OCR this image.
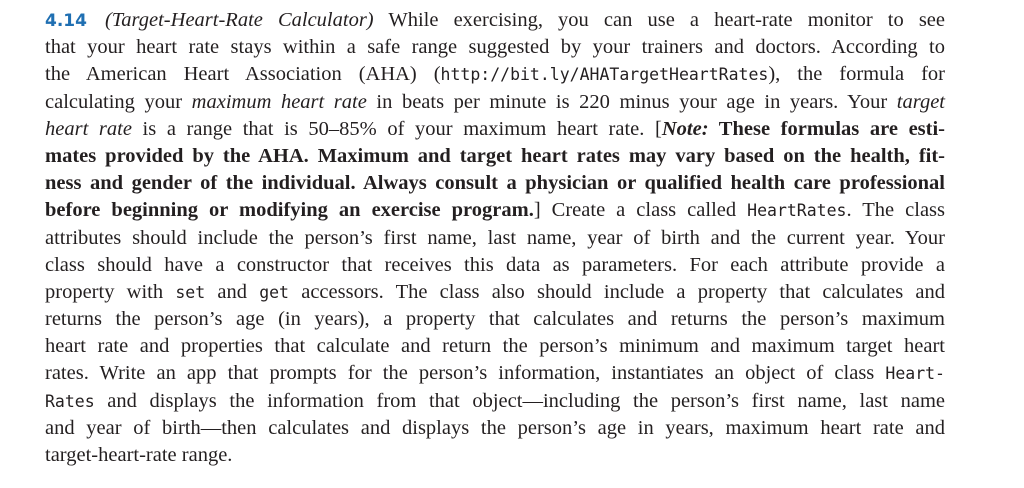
4.14 (Target-Heart-Rate Calculator) While exercising, you can use a heart-rate monitor to see
that your heart rate stays within a safe range suggested by your trainers and doctors. According to
the American Heart Association (AHA) (http://bit.ly/AHATargetHeartRates), the formula for
calculating your maximum heart rate in beats per minute is 220 minus your age in years. Your target
heart rate is a range that is 50–85% of your maximum heart rate. [Note: These formulas are esti-
mates provided by the AHA. Maximum and target heart rates may vary based on the health, fit-
ness and gender of the individual. Always consult a physician or qualified health care professional
before beginning or modifying an exercise program.] Create a class called HeartRates. The class
attributes should include the person’s first name, last name, year of birth and the current year. Your
class should have a constructor that receives this data as parameters. For each attribute provide a
property with set and get accessors. The class also should include a property that calculates and
returns the person’s age (in years), a property that calculates and returns the person’s maximum
heart rate and properties that calculate and return the person’s minimum and maximum target heart
rates. Write an app that prompts for the person’s information, instantiates an object of class Heart-
Rates and displays the information from that object—including the person’s first name, last name
and year of birth—then calculates and displays the person’s age in years, maximum heart rate and
target-heart-rate range.
